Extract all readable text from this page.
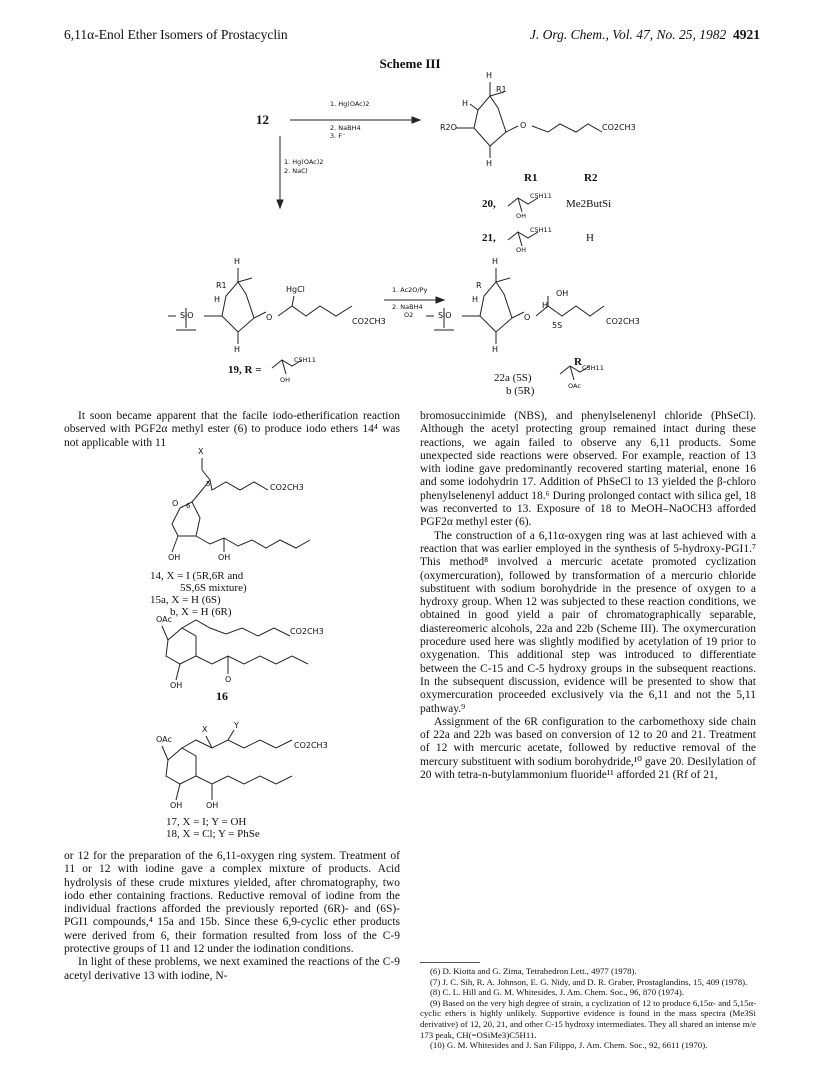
6,11α-Enol Ether Isomers of Prostacyclin	J. Org. Chem., Vol. 47, No. 25, 1982 4921
Scheme III
12
1. Hg(OAc)2
2. NaBH4
3. F⁻
1. Hg(OAc)2
2. NaCl
1. Ac2O/Py
2. NaBH4
O2
H
R1
H
R2O	O	CO2CH3
H
R1	R2
20,
C5H11
OH
Me2ButSi
21,
C5H11
OH
H
H
R1
H
SiO	O
HgCl
CO2CH3
H
19, R =
C5H11
OH
H
R
H
SiO	O
H
OH
5S	CO2CH3
H
R C5H11
OAc
22a (5S)
b (5R)

It soon became apparent that the facile iodo-etherification reaction observed with PGF2α methyl ester (6) to produce iodo ethers 14⁴ was not applicable with 11

X
5
6
O
CO2CH3
OH	OH
14, X = I (5R,6R and
5S,6S mixture)
15a, X = H (6S)
b, X = H (6R)
OAc
CO2CH3
OH
O
16
OAc
X	Y
CO2CH3
OH	OH
17, X = I; Y = OH
18, X = Cl; Y = PhSe

or 12 for the preparation of the 6,11-oxygen ring system. Treatment of 11 or 12 with iodine gave a complex mixture of products. Acid hydrolysis of these crude mixtures yielded, after chromatography, two iodo ether containing fractions. Reductive removal of iodine from the individual fractions afforded the previously reported (6R)- and (6S)-PGI1 compounds,⁴ 15a and 15b. Since these 6,9-cyclic ether products were derived from 6, their formation resulted from loss of the C-9 protective groups of 11 and 12 under the iodination conditions.

In light of these problems, we next examined the reactions of the C-9 acetyl derivative 13 with iodine, N-

bromosuccinimide (NBS), and phenylselenenyl chloride (PhSeCl). Although the acetyl protecting group remained intact during these reactions, we again failed to observe any 6,11 products. Some unexpected side reactions were observed. For example, reaction of 13 with iodine gave predominantly recovered starting material, enone 16 and some iodohydrin 17. Addition of PhSeCl to 13 yielded the β-chloro phenylselenenyl adduct 18.⁶ During prolonged contact with silica gel, 18 was reconverted to 13. Exposure of 18 to MeOH–NaOCH3 afforded PGF2α methyl ester (6).

The construction of a 6,11α-oxygen ring was at last achieved with a reaction that was earlier employed in the synthesis of 5-hydroxy-PGI1.⁷ This method⁸ involved a mercuric acetate promoted cyclization (oxymercuration), followed by transformation of a mercurio chloride substituent with sodium borohydride in the presence of oxygen to a hydroxy group. When 12 was subjected to these reaction conditions, we obtained in good yield a pair of chromatographically separable, diastereomeric alcohols, 22a and 22b (Scheme III). The oxymercuration procedure used here was slightly modified by acetylation of 19 prior to oxygenation. This additional step was introduced to differentiate between the C-15 and C-5 hydroxy groups in the subsequent reactions. In the subsequent discussion, evidence will be presented to show that oxymercuration proceeded exclusively via the 6,11 and not the 5,11 pathway.⁹

Assignment of the 6R configuration to the carbomethoxy side chain of 22a and 22b was based on conversion of 12 to 20 and 21. Treatment of 12 with mercuric acetate, followed by reductive removal of the mercury substituent with sodium borohydride,¹⁰ gave 20. Desilylation of 20 with tetra-n-butylammonium fluoride¹¹ afforded 21 (Rf of 21,

(6) D. Kiotta and G. Zima, Tetrahedron Lett., 4977 (1978).

(7) J. C. Sih, R. A. Johnson, E. G. Nidy, and D. R. Graber, Prostaglandins, 15, 409 (1978).

(8) C. L. Hill and G. M. Whitesides, J. Am. Chem. Soc., 96, 870 (1974).

(9) Based on the very high degree of strain, a cyclization of 12 to produce 6,15α- and 5,15α-cyclic ethers is highly unlikely. Supportive evidence is found in the mass spectra (Me3Si derivative) of 12, 20, 21, and other C-15 hydroxy intermediates. They all shared an intense m/e 173 peak, CH(=OSiMe3)C5H11.

(10) G. M. Whitesides and J. San Filippo, J. Am. Chem. Soc., 92, 6611 (1970).
